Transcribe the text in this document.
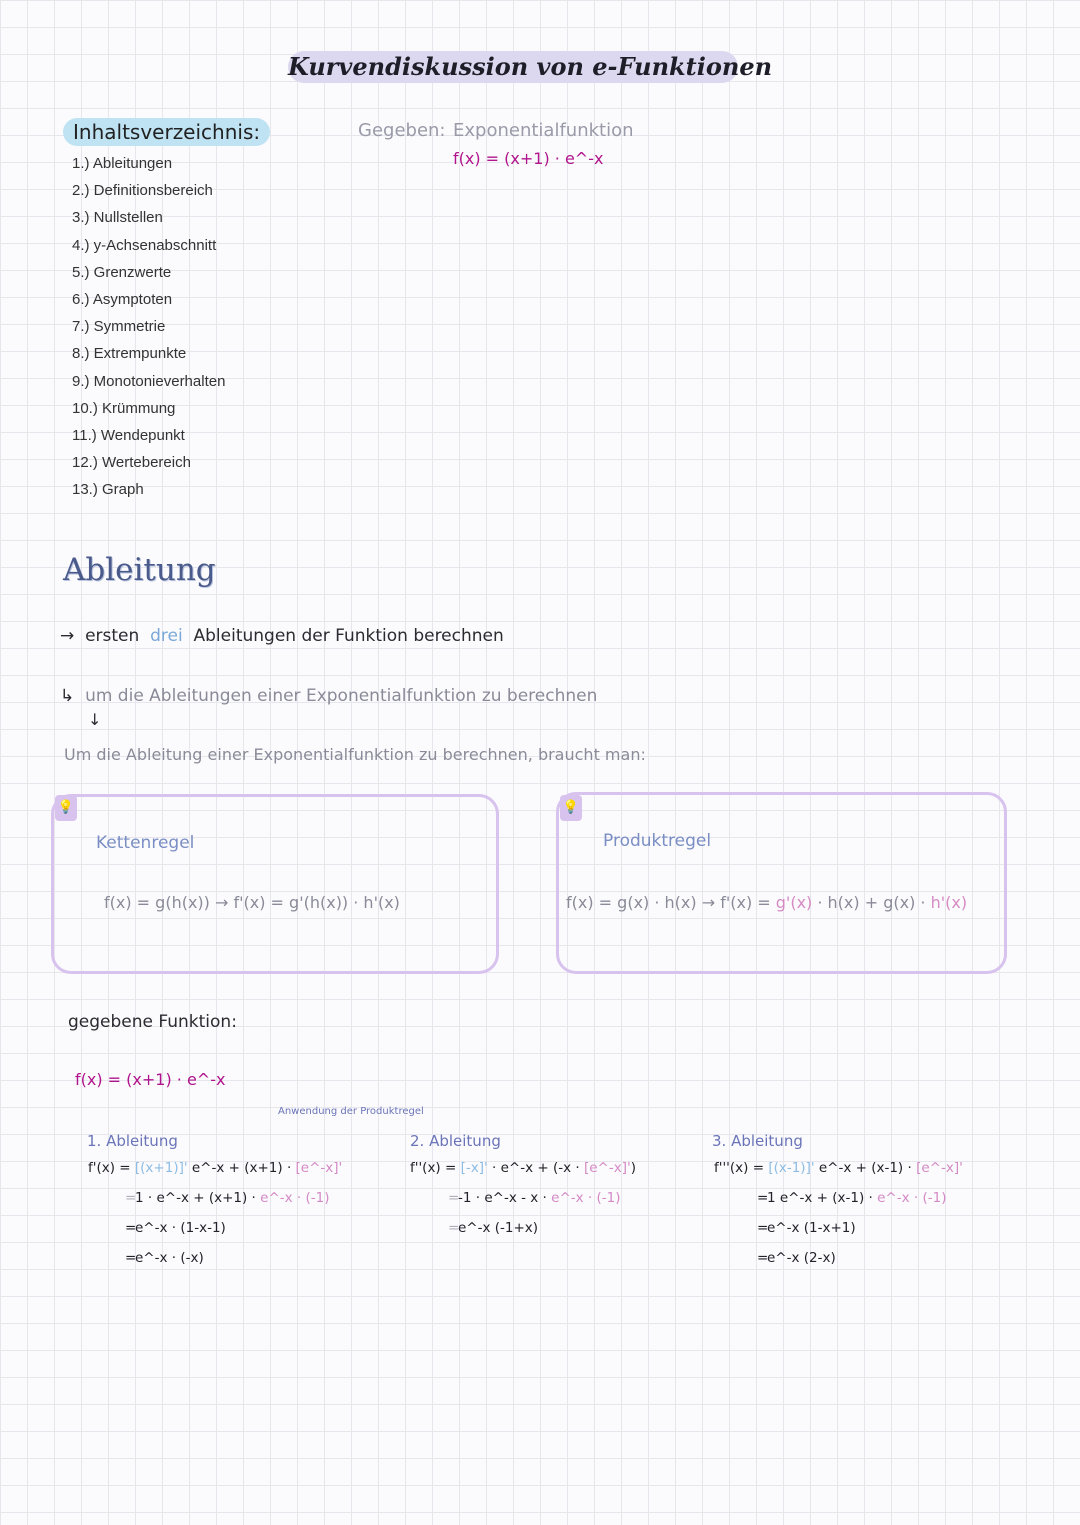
Kurvendiskussion von e-Funktionen
Inhaltsverzeichnis:
1.) Ableitungen
2.) Definitionsbereich
3.) Nullstellen
4.) y-Achsenabschnitt
5.) Grenzwerte
6.) Asymptoten
7.) Symmetrie
8.) Extrempunkte
9.) Monotonieverhalten
10.) Krümmung
11.) Wendepunkt
12.) Wertebereich
13.) Graph
Gegeben: Exponentialfunktion
f(x) = (x+1) · e^-x
Ableitung
→  ersten drei Ableitungen der Funktion berechnen
↳  um die Ableitungen einer Exponentialfunktion zu berechnen
↓
Um die Ableitung einer Exponentialfunktion zu berechnen, braucht man:
💡
Kettenregel
f(x) = g(h(x)) → f'(x) = g'(h(x)) · h'(x)
💡
Produktregel
f(x) = g(x) · h(x) → f'(x) = g'(x) · h(x) + g(x) · h'(x)
gegebene Funktion:
f(x) = (x+1) · e^-x
Anwendung der Produktregel
1. Ableitung
f'(x) = [(x+1)]' e^-x + (x+1) · [e^-x]'
=1 · e^-x + (x+1) · e^-x · (-1)
=e^-x · (1-x-1)
=e^-x · (-x)
2. Ableitung
f''(x) = [-x]' · e^-x + (-x · [e^-x]')
=-1 · e^-x - x · e^-x · (-1)
=e^-x (-1+x)
3. Ableitung
f'''(x) = [(x-1)]' e^-x + (x-1) · [e^-x]'
=1 e^-x + (x-1) · e^-x · (-1)
=e^-x (1-x+1)
=e^-x (2-x)
